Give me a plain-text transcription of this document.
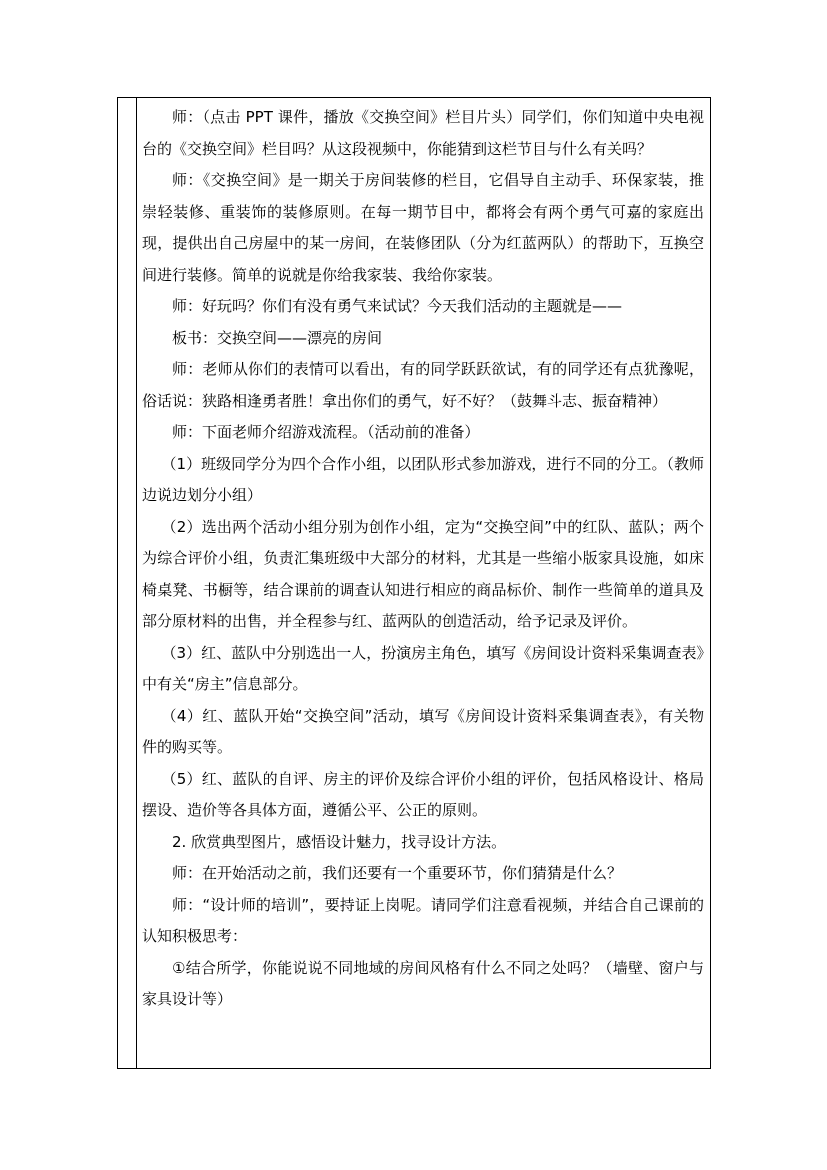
师：（点击 PPT 课件，播放《交换空间》栏目片头）同学们，你们知道中央电视台的《交换空间》栏目吗？从这段视频中，你能猜到这栏节目与什么有关吗？

师：《交换空间》是一期关于房间装修的栏目，它倡导自主动手、环保家装，推崇轻装修、重装饰的装修原则。在每一期节目中，都将会有两个勇气可嘉的家庭出现，提供出自己房屋中的某一房间，在装修团队（分为红蓝两队）的帮助下，互换空间进行装修。简单的说就是你给我家装、我给你家装。

师：好玩吗？你们有没有勇气来试试？今天我们活动的主题就是——

板书：交换空间——漂亮的房间

师：老师从你们的表情可以看出，有的同学跃跃欲试，有的同学还有点犹豫呢，俗话说：狭路相逢勇者胜！拿出你们的勇气，好不好？（鼓舞斗志、振奋精神）

师：下面老师介绍游戏流程。（活动前的准备）

（1）班级同学分为四个合作小组，以团队形式参加游戏，进行不同的分工。（教师边说边划分小组）

（2）选出两个活动小组分别为创作小组，定为“交换空间”中的红队、蓝队；两个为综合评价小组，负责汇集班级中大部分的材料，尤其是一些缩小版家具设施，如床椅桌凳、书橱等，结合课前的调查认知进行相应的商品标价、制作一些简单的道具及部分原材料的出售，并全程参与红、蓝两队的创造活动，给予记录及评价。

（3）红、蓝队中分别选出一人，扮演房主角色，填写《房间设计资料采集调查表》中有关“房主”信息部分。

（4）红、蓝队开始“交换空间”活动，填写《房间设计资料采集调查表》，有关物件的购买等。

（5）红、蓝队的自评、房主的评价及综合评价小组的评价，包括风格设计、格局摆设、造价等各具体方面，遵循公平、公正的原则。

2. 欣赏典型图片，感悟设计魅力，找寻设计方法。

师：在开始活动之前，我们还要有一个重要环节，你们猜猜是什么？

师：“设计师的培训”，要持证上岗呢。请同学们注意看视频，并结合自己课前的认知积极思考：

①结合所学，你能说说不同地域的房间风格有什么不同之处吗？（墙壁、窗户与家具设计等）
